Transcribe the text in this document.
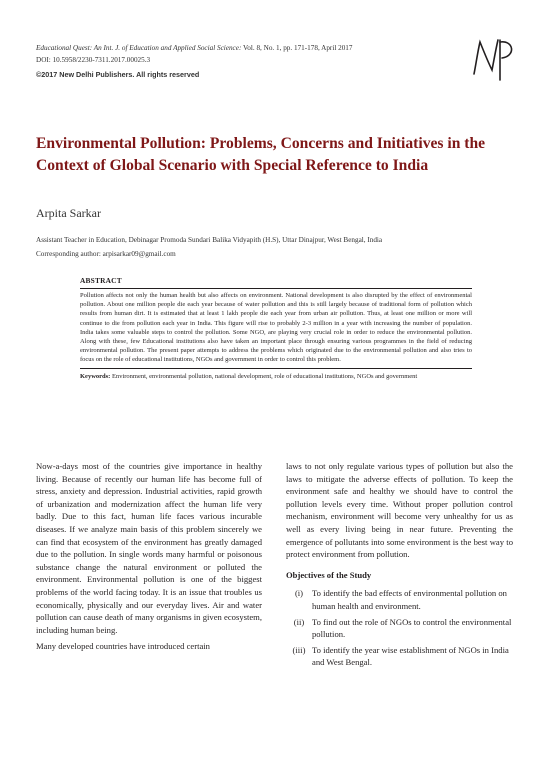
Educational Quest: An Int. J. of Education and Applied Social Science: Vol. 8, No. 1, pp. 171-178, April 2017
DOI: 10.5958/2230-7311.2017.00025.3
©2017 New Delhi Publishers. All rights reserved
Environmental Pollution: Problems, Concerns and Initiatives in the Context of Global Scenario with Special Reference to India
Arpita Sarkar
Assistant Teacher in Education, Debinagar Promoda Sundari Balika Vidyapith (H.S), Uttar Dinajpur, West Bengal, India
Corresponding author: arpisarkar09@gmail.com
ABSTRACT
Pollution affects not only the human health but also affects on environment. National development is also disrupted by the effect of environmental pollution. About one million people die each year because of water pollution and this is still largely because of traditional form of pollution which results from human dirt. It is estimated that at least 1 lakh people die each year from urban air pollution. Thus, at least one million or more will continue to die from pollution each year in India. This figure will rise to probably 2-3 million in a year with increasing the number of population. India takes some valuable steps to control the pollution. Some NGO, are playing very crucial role in order to reduce the environmental pollution. Along with these, few Educational institutions also have taken an important place through ensuring various programmes in the field of reducing environmental pollution. The present paper attempts to address the problems which originated due to the environmental pollution and also tries to focus on the role of educational institutions, NGOs and government in order to control this problem.
Keywords: Environment, environmental pollution, national development, role of educational institutions, NGOs and government

Now-a-days most of the countries give importance in healthy living. Because of recently our human life has become full of stress, anxiety and depression. Industrial activities, rapid growth of urbanization and modernization affect the human life very badly. Due to this fact, human life faces various incurable diseases. If we analyze main basis of this problem sincerely we can find that ecosystem of the environment has greatly damaged due to the pollution. In single words many harmful or poisonous substance change the natural environment or polluted the environment. Environmental pollution is one of the biggest problems of the world facing today. It is an issue that troubles us economically, physically and our everyday lives. Air and water pollution can cause death of many organisms in given ecosystem, including human being.

Many developed countries have introduced certain

laws to not only regulate various types of pollution but also the laws to mitigate the adverse effects of pollution. To keep the environment safe and healthy we should have to control the pollution levels every time. Without proper pollution control mechanism, environment will become very unhealthy for us as well as every living being in near future. Preventing the emergence of pollutants into some environment is the best way to protect environment from pollution.

Objectives of the Study
(i)	To identify the bad effects of environmental pollution on human health and environment.
(ii) To find out the role of NGOs to control the environmental pollution.
(iii) To identify the year wise establishment of NGOs in India and West Bengal.
